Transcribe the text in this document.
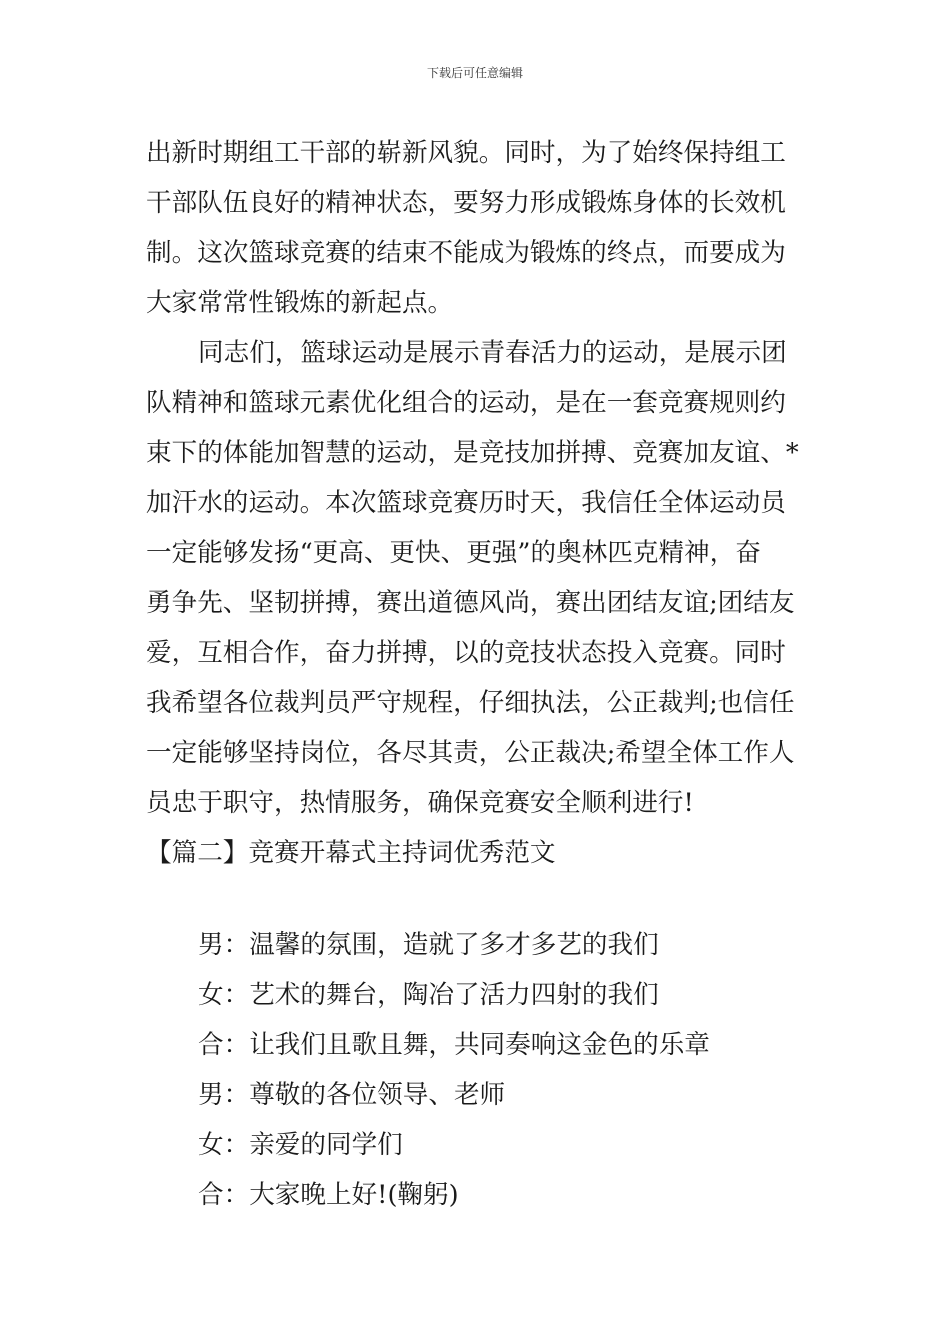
下载后可任意编辑
出新时期组工干部的崭新风貌。同时，为了始终保持组工
干部队伍良好的精神状态，要努力形成锻炼身体的长效机
制。这次篮球竞赛的结束不能成为锻炼的终点，而要成为
大家常常性锻炼的新起点。
同志们，篮球运动是展示青春活力的运动，是展示团
队精神和篮球元素优化组合的运动，是在一套竞赛规则约
束下的体能加智慧的运动，是竞技加拼搏、竞赛加友谊、*
加汗水的运动。本次篮球竞赛历时天，我信任全体运动员
一定能够发扬“更高、更快、更强”的奥林匹克精神，奋
勇争先、坚韧拼搏，赛出道德风尚，赛出团结友谊;团结友
爱，互相合作，奋力拼搏，以的竞技状态投入竞赛。同时
我希望各位裁判员严守规程，仔细执法，公正裁判;也信任
一定能够坚持岗位，各尽其责，公正裁决;希望全体工作人
员忠于职守，热情服务，确保竞赛安全顺利进行!
【篇二】竞赛开幕式主持词优秀范文
男：温馨的氛围，造就了多才多艺的我们
女：艺术的舞台，陶冶了活力四射的我们
合：让我们且歌且舞，共同奏响这金色的乐章
男：尊敬的各位领导、老师
女：亲爱的同学们
合：大家晚上好!(鞠躬)
